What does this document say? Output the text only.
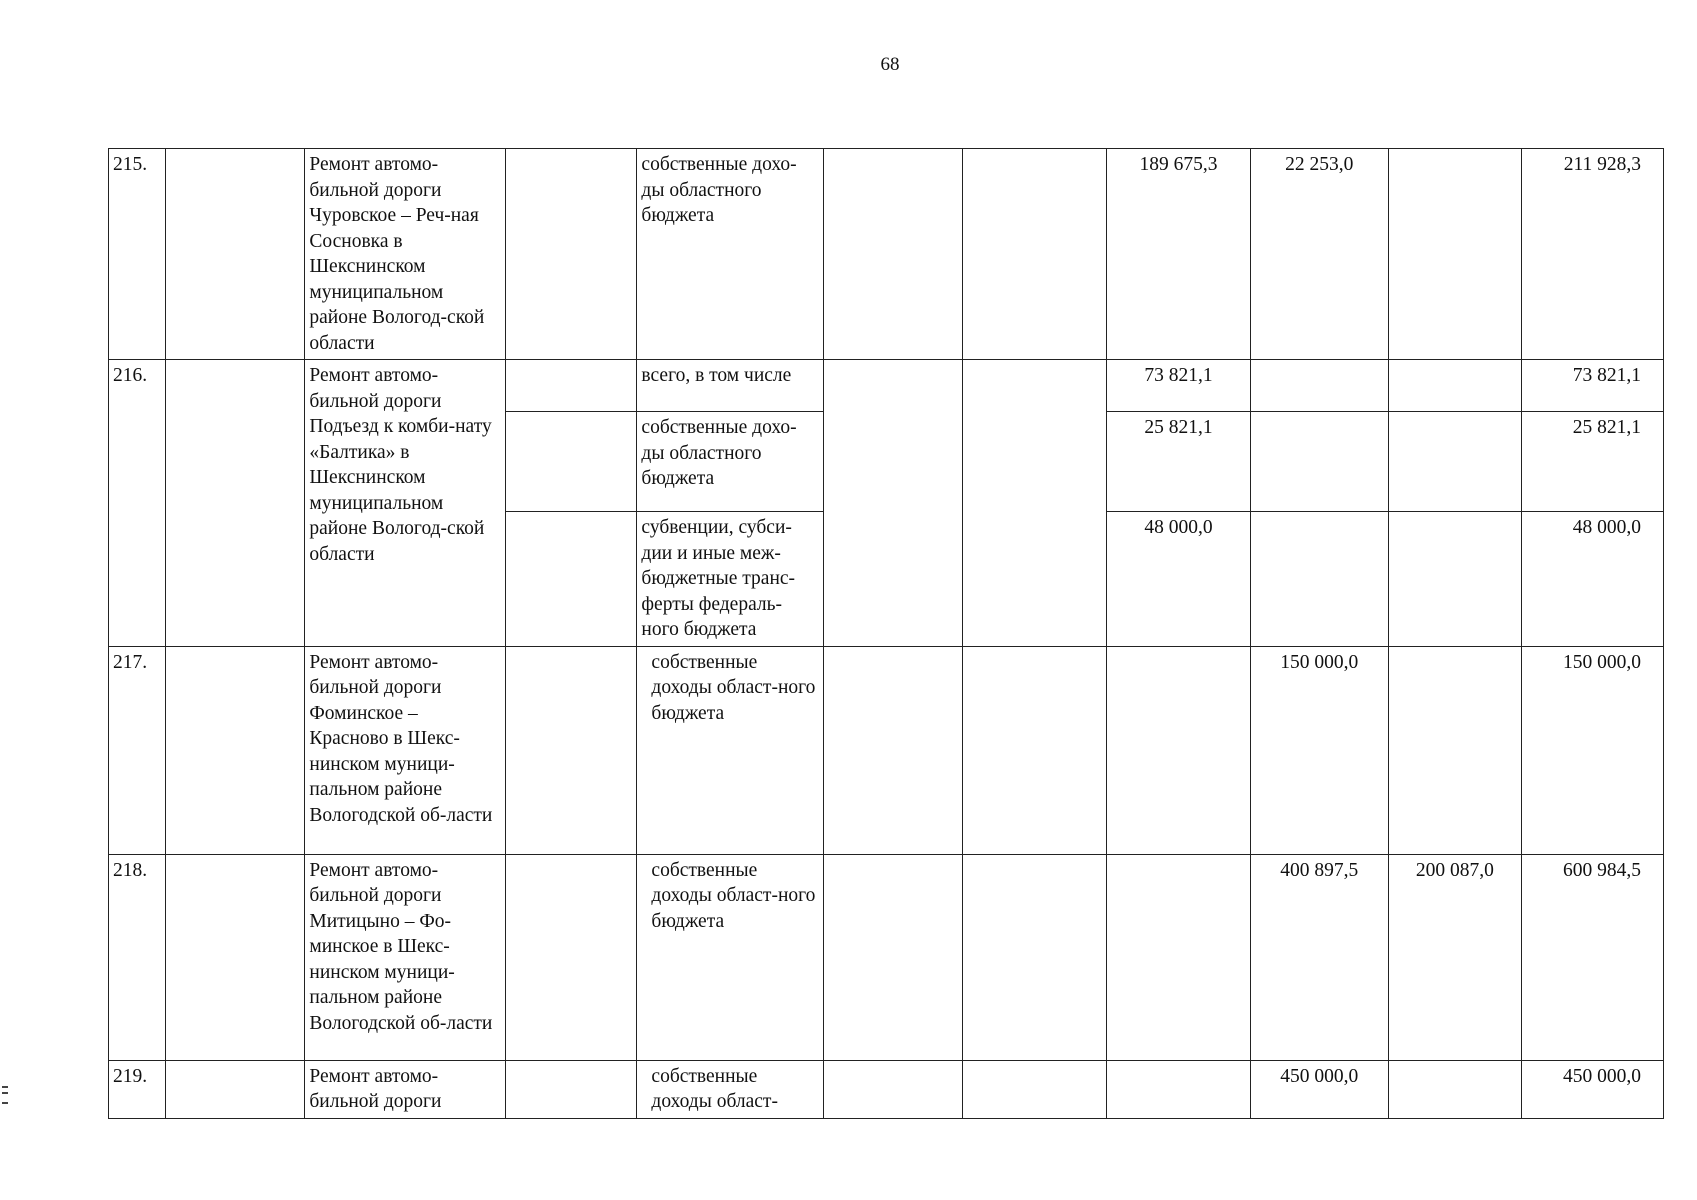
68
215.		Ремонт автомо-бильной дороги Чуровское – Реч-ная Сосновка в Шекснинском муниципальном районе Вологод-ской области		собственные дохо-ды областного бюджета			189 675,3	22 253,0		211 928,3
216.		Ремонт автомо-бильной дороги Подъезд к комби-нату «Балтика» в Шекснинском муниципальном районе Вологод-ской области		всего, в том числе			73 821,1			73 821,1
				собственные дохо-ды областного бюджета			25 821,1			25 821,1
				субвенции, субси-дии и иные меж-бюджетные транс-ферты федераль-ного бюджета			48 000,0			48 000,0
217.		Ремонт автомо-бильной дороги Фоминское – Красново в Шекс-нинском муници-пальном районе Вологодской об-ласти		собственные доходы област-ного бюджета				150 000,0		150 000,0
218.		Ремонт автомо-бильной дороги Митицыно – Фо-минское в Шекс-нинском муници-пальном районе Вологодской об-ласти		собственные доходы област-ного бюджета				400 897,5	200 087,0	600 984,5
219.		Ремонт автомо-бильной дороги		собственные доходы област-				450 000,0		450 000,0
